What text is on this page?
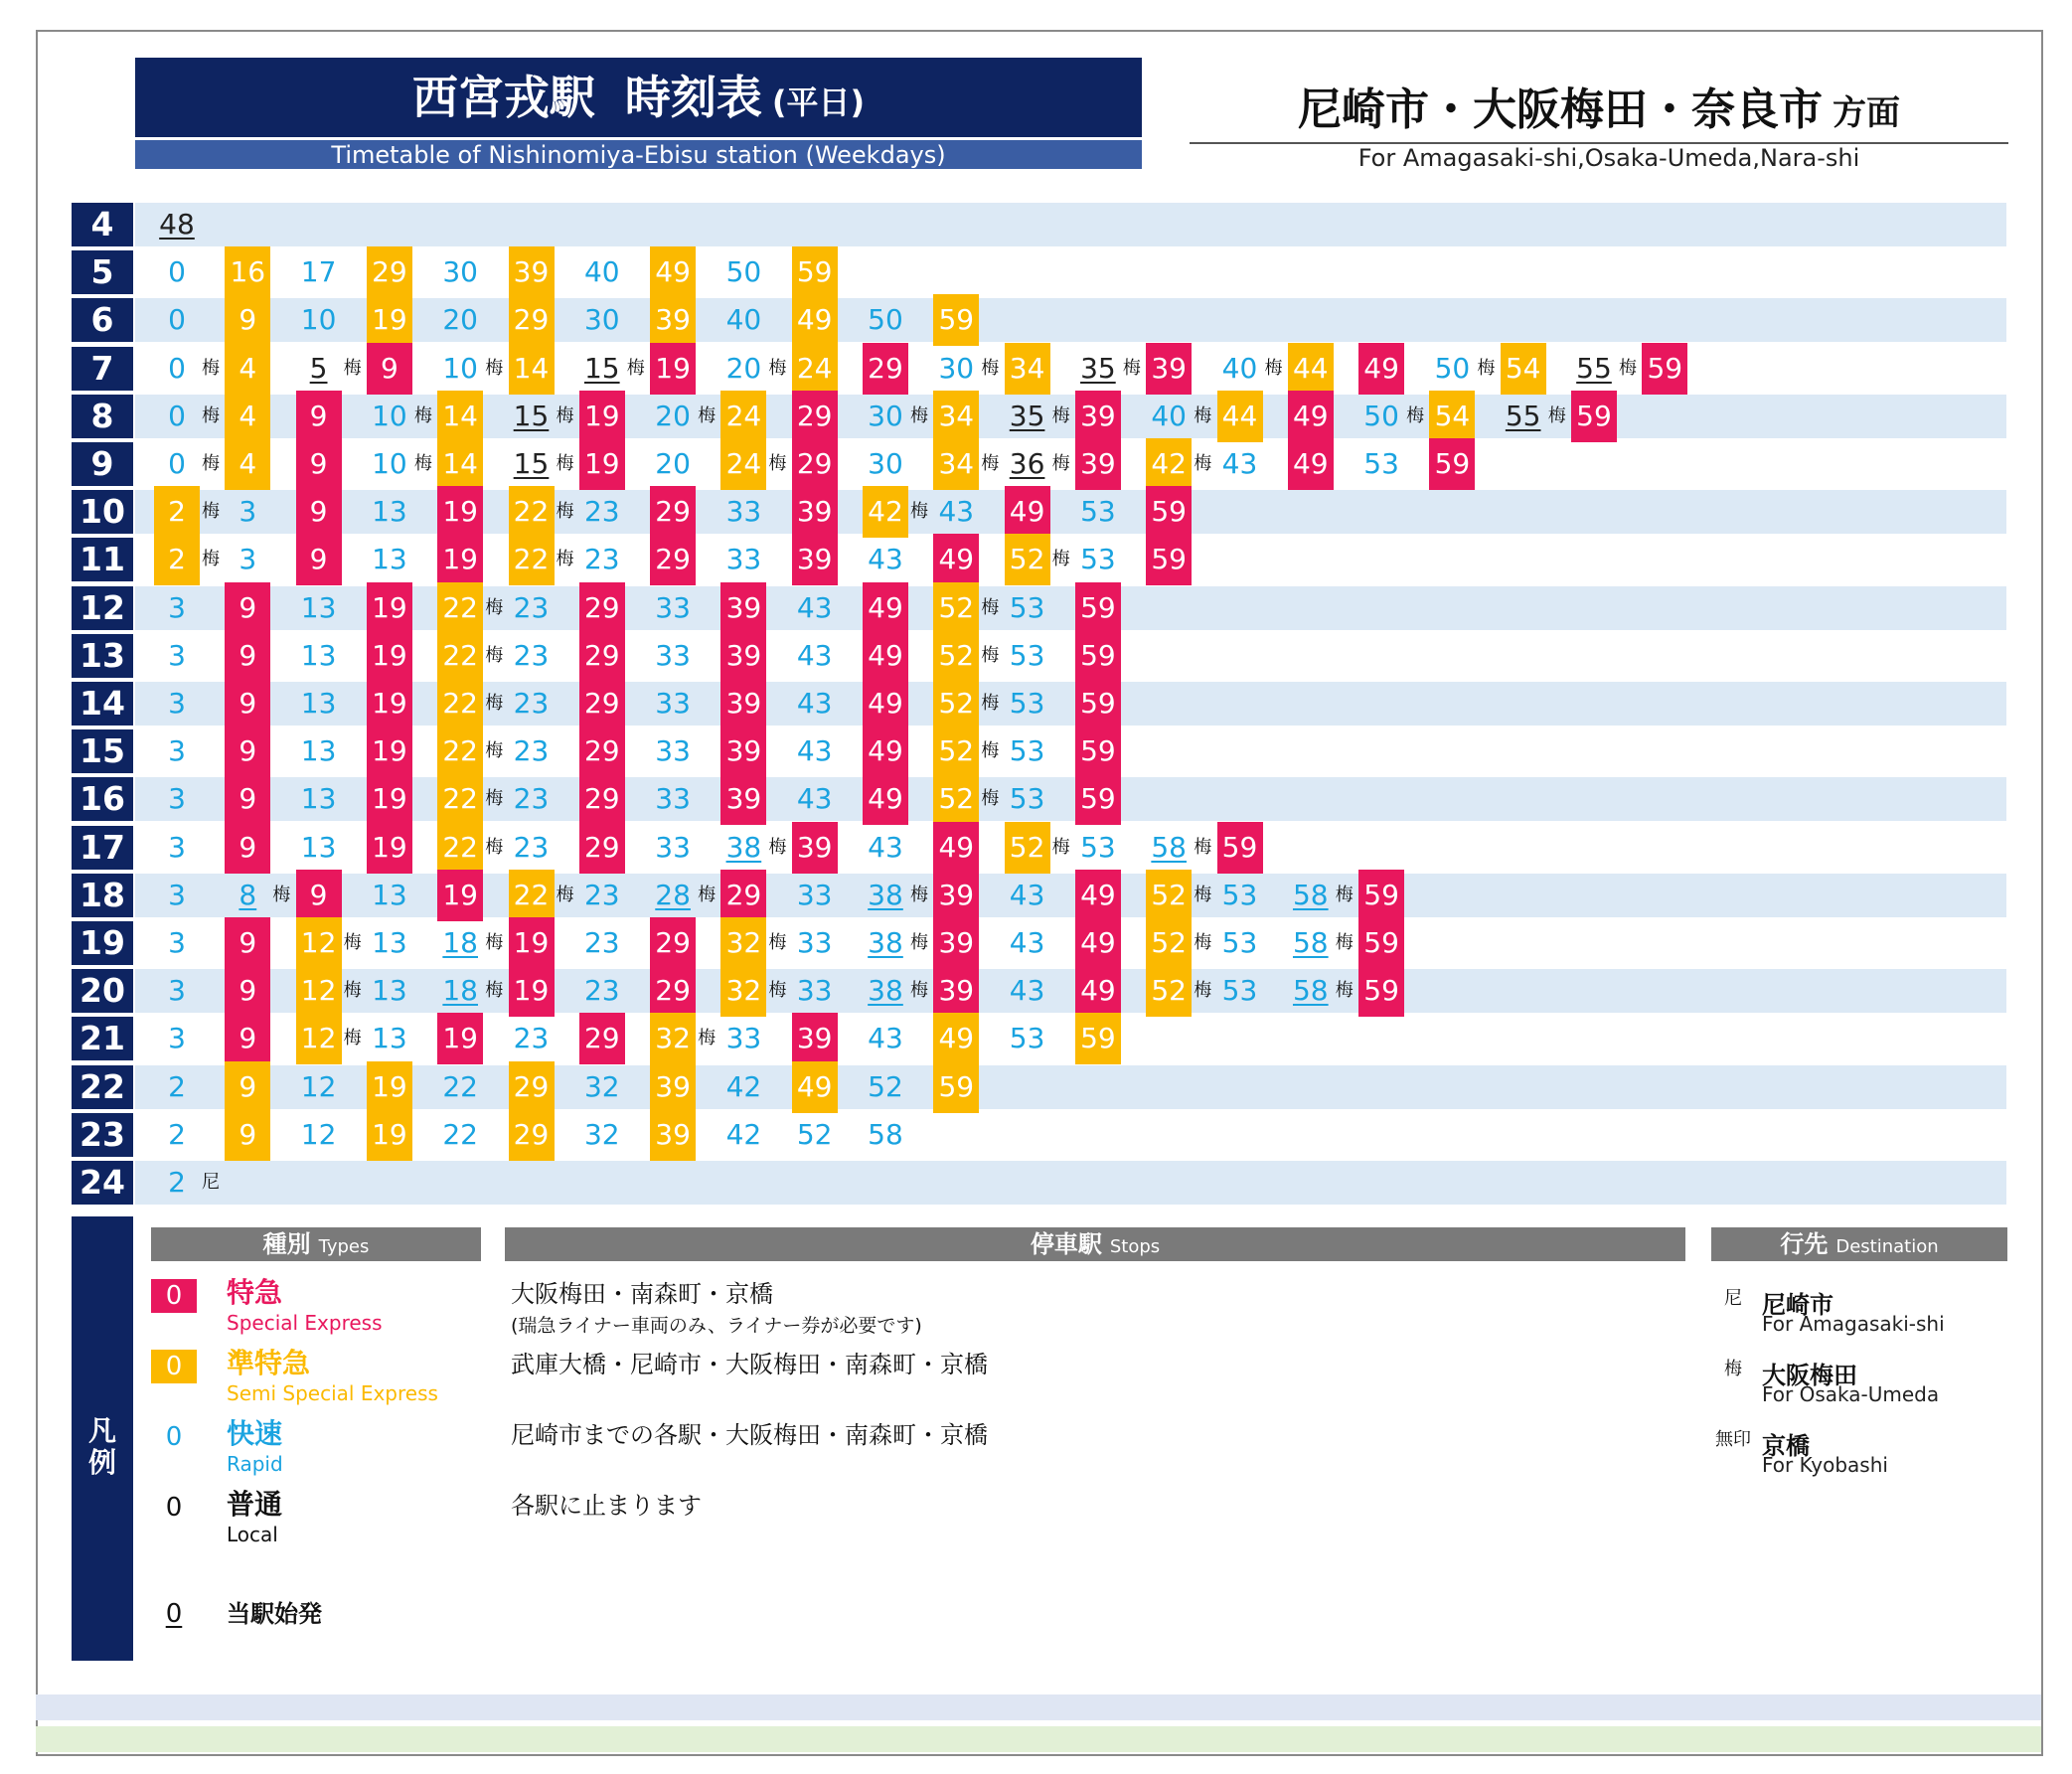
西宮戎駅 時刻表 (平日)
Timetable of Nishinomiya-Ebisu station (Weekdays)
尼崎市・大阪梅田・奈良市 方面
For Amagasaki-shi,Osaka-Umeda,Nara-shi
4	48
5	0	16 17 29 30 39 40 49 50 59
6	0	9	10 19 20 29 30 39 40 49 50 59
7	0 梅 4	5 梅 9	10 梅 14 15 梅 19 20 梅 24 29 30 梅 34 35 梅 39 40 梅 44 49 50 梅 54 55 梅 59
8	0 梅 4	9	10 梅 14 15 梅 19 20 梅 24 29 30 梅 34 35 梅 39 40 梅 44 49 50 梅 54 55 梅 59
9	0 梅 4	9	10 梅 14 15 梅 19 20 24 梅 29 30 34 梅 36 梅 39 42 梅 43 49 53 59
10	2 梅 3	9	13 19 22 梅 23 29 33 39 42 梅 43 49 53 59
11	2 梅 3	9	13 19 22 梅 23 29 33 39 43 49 52 梅 53 59
12	3	9	13 19 22 梅 23 29 33 39 43 49 52 梅 53 59
13	3	9	13 19 22 梅 23 29 33 39 43 49 52 梅 53 59
14	3	9	13 19 22 梅 23 29 33 39 43 49 52 梅 53 59
15	3	9	13 19 22 梅 23 29 33 39 43 49 52 梅 53 59
16	3	9	13 19 22 梅 23 29 33 39 43 49 52 梅 53 59
17	3	9	13 19 22 梅 23 29 33 38 梅 39 43 49 52 梅 53 58 梅 59
18	3	8 梅 9	13 19 22 梅 23 28 梅 29 33 38 梅 39 43 49 52 梅 53 58 梅 59
19	3	9	12 梅 13 18 梅 19 23 29 32 梅 33 38 梅 39 43 49 52 梅 53 58 梅 59
20	3	9	12 梅 13 18 梅 19 23 29 32 梅 33 38 梅 39 43 49 52 梅 53 58 梅 59
21	3	9	12 梅 13 19 23 29 32 梅 33 39 43 49 53 59
22	2	9	12 19 22 29 32 39 42 49 52 59
23	2	9	12 19 22 29 32 39 42 52 58
24	2 尼
凡
例
種別 Types	停車駅 Stops	行先 Destination
0	特急
Special Express
大阪梅田・南森町・京橋
(瑞急ライナー車両のみ、ライナー券が必要です)
0	準特急
Semi Special Express
武庫大橋・尼崎市・大阪梅田・南森町・京橋
0	快速
Rapid
尼崎市までの各駅・大阪梅田・南森町・京橋
0	普通
Local
各駅に止まります
0	当駅始発
尼 尼崎市
For Amagasaki-shi
梅 大阪梅田
For Osaka-Umeda
無印 京橋
For Kyobashi
